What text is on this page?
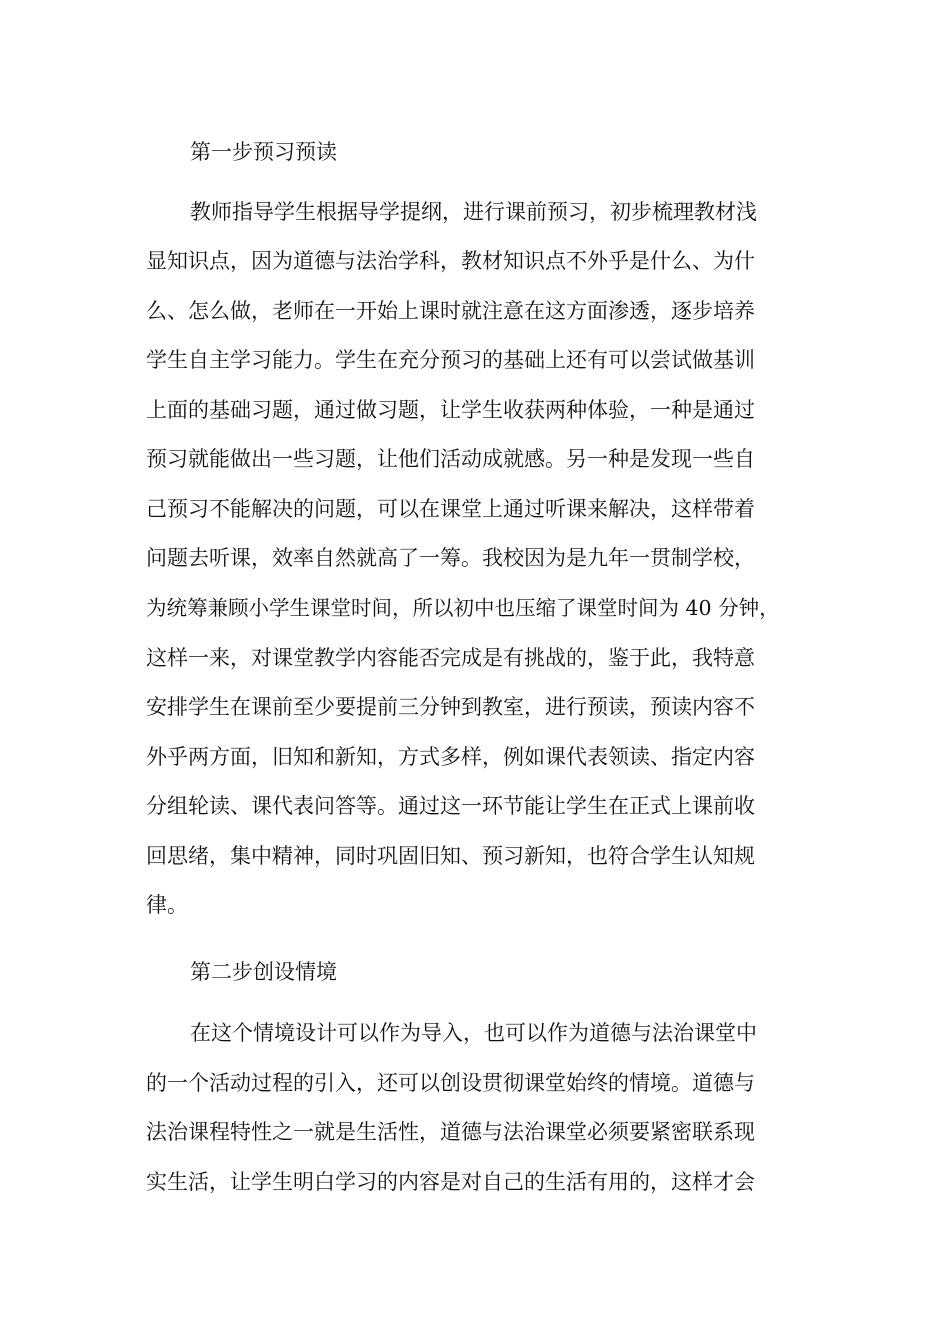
第一步预习预读
教师指导学生根据导学提纲，进行课前预习，初步梳理教材浅
显知识点，因为道德与法治学科，教材知识点不外乎是什么、为什
么、怎么做，老师在一开始上课时就注意在这方面渗透，逐步培养
学生自主学习能力。学生在充分预习的基础上还有可以尝试做基训
上面的基础习题，通过做习题，让学生收获两种体验，一种是通过
预习就能做出一些习题，让他们活动成就感。另一种是发现一些自
己预习不能解决的问题，可以在课堂上通过听课来解决，这样带着
问题去听课，效率自然就高了一筹。我校因为是九年一贯制学校，
为统筹兼顾小学生课堂时间，所以初中也压缩了课堂时间为 40 分钟，
这样一来，对课堂教学内容能否完成是有挑战的，鉴于此，我特意
安排学生在课前至少要提前三分钟到教室，进行预读，预读内容不
外乎两方面，旧知和新知，方式多样，例如课代表领读、指定内容
分组轮读、课代表问答等。通过这一环节能让学生在正式上课前收
回思绪，集中精神，同时巩固旧知、预习新知，也符合学生认知规
律。
第二步创设情境
在这个情境设计可以作为导入，也可以作为道德与法治课堂中
的一个活动过程的引入，还可以创设贯彻课堂始终的情境。道德与
法治课程特性之一就是生活性，道德与法治课堂必须要紧密联系现
实生活，让学生明白学习的内容是对自己的生活有用的，这样才会
